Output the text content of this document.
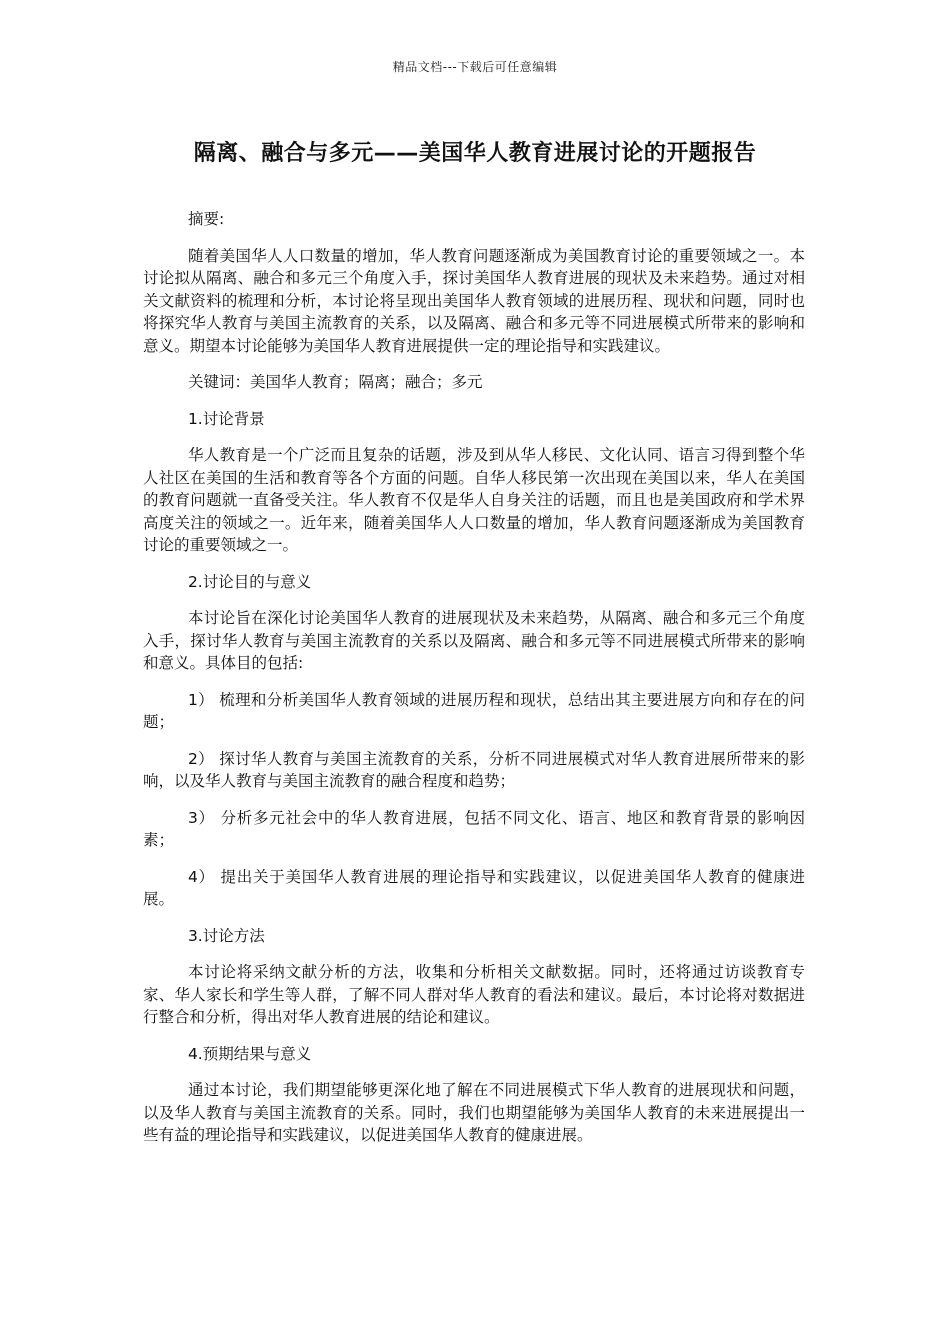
精品文档---下载后可任意编辑
隔离、融合与多元——美国华人教育进展讨论的开题报告

摘要:

随着美国华人人口数量的增加，华人教育问题逐渐成为美国教育讨论的重要领域之一。本讨论拟从隔离、融合和多元三个角度入手，探讨美国华人教育进展的现状及未来趋势。通过对相关文献资料的梳理和分析，本讨论将呈现出美国华人教育领域的进展历程、现状和问题，同时也将探究华人教育与美国主流教育的关系，以及隔离、融合和多元等不同进展模式所带来的影响和意义。期望本讨论能够为美国华人教育进展提供一定的理论指导和实践建议。

关键词：美国华人教育；隔离；融合；多元

1.讨论背景

华人教育是一个广泛而且复杂的话题，涉及到从华人移民、文化认同、语言习得到整个华人社区在美国的生活和教育等各个方面的问题。自华人移民第一次出现在美国以来，华人在美国的教育问题就一直备受关注。华人教育不仅是华人自身关注的话题，而且也是美国政府和学术界高度关注的领域之一。近年来，随着美国华人人口数量的增加，华人教育问题逐渐成为美国教育讨论的重要领域之一。

2.讨论目的与意义

本讨论旨在深化讨论美国华人教育的进展现状及未来趋势，从隔离、融合和多元三个角度入手，探讨华人教育与美国主流教育的关系以及隔离、融合和多元等不同进展模式所带来的影响和意义。具体目的包括:

1） 梳理和分析美国华人教育领域的进展历程和现状，总结出其主要进展方向和存在的问题；

2） 探讨华人教育与美国主流教育的关系，分析不同进展模式对华人教育进展所带来的影响，以及华人教育与美国主流教育的融合程度和趋势；

3） 分析多元社会中的华人教育进展，包括不同文化、语言、地区和教育背景的影响因素；

4） 提出关于美国华人教育进展的理论指导和实践建议，以促进美国华人教育的健康进展。

3.讨论方法

本讨论将采纳文献分析的方法，收集和分析相关文献数据。同时，还将通过访谈教育专家、华人家长和学生等人群，了解不同人群对华人教育的看法和建议。最后，本讨论将对数据进行整合和分析，得出对华人教育进展的结论和建议。

4.预期结果与意义

通过本讨论，我们期望能够更深化地了解在不同进展模式下华人教育的进展现状和问题，以及华人教育与美国主流教育的关系。同时，我们也期望能够为美国华人教育的未来进展提出一些有益的理论指导和实践建议，以促进美国华人教育的健康进展。
